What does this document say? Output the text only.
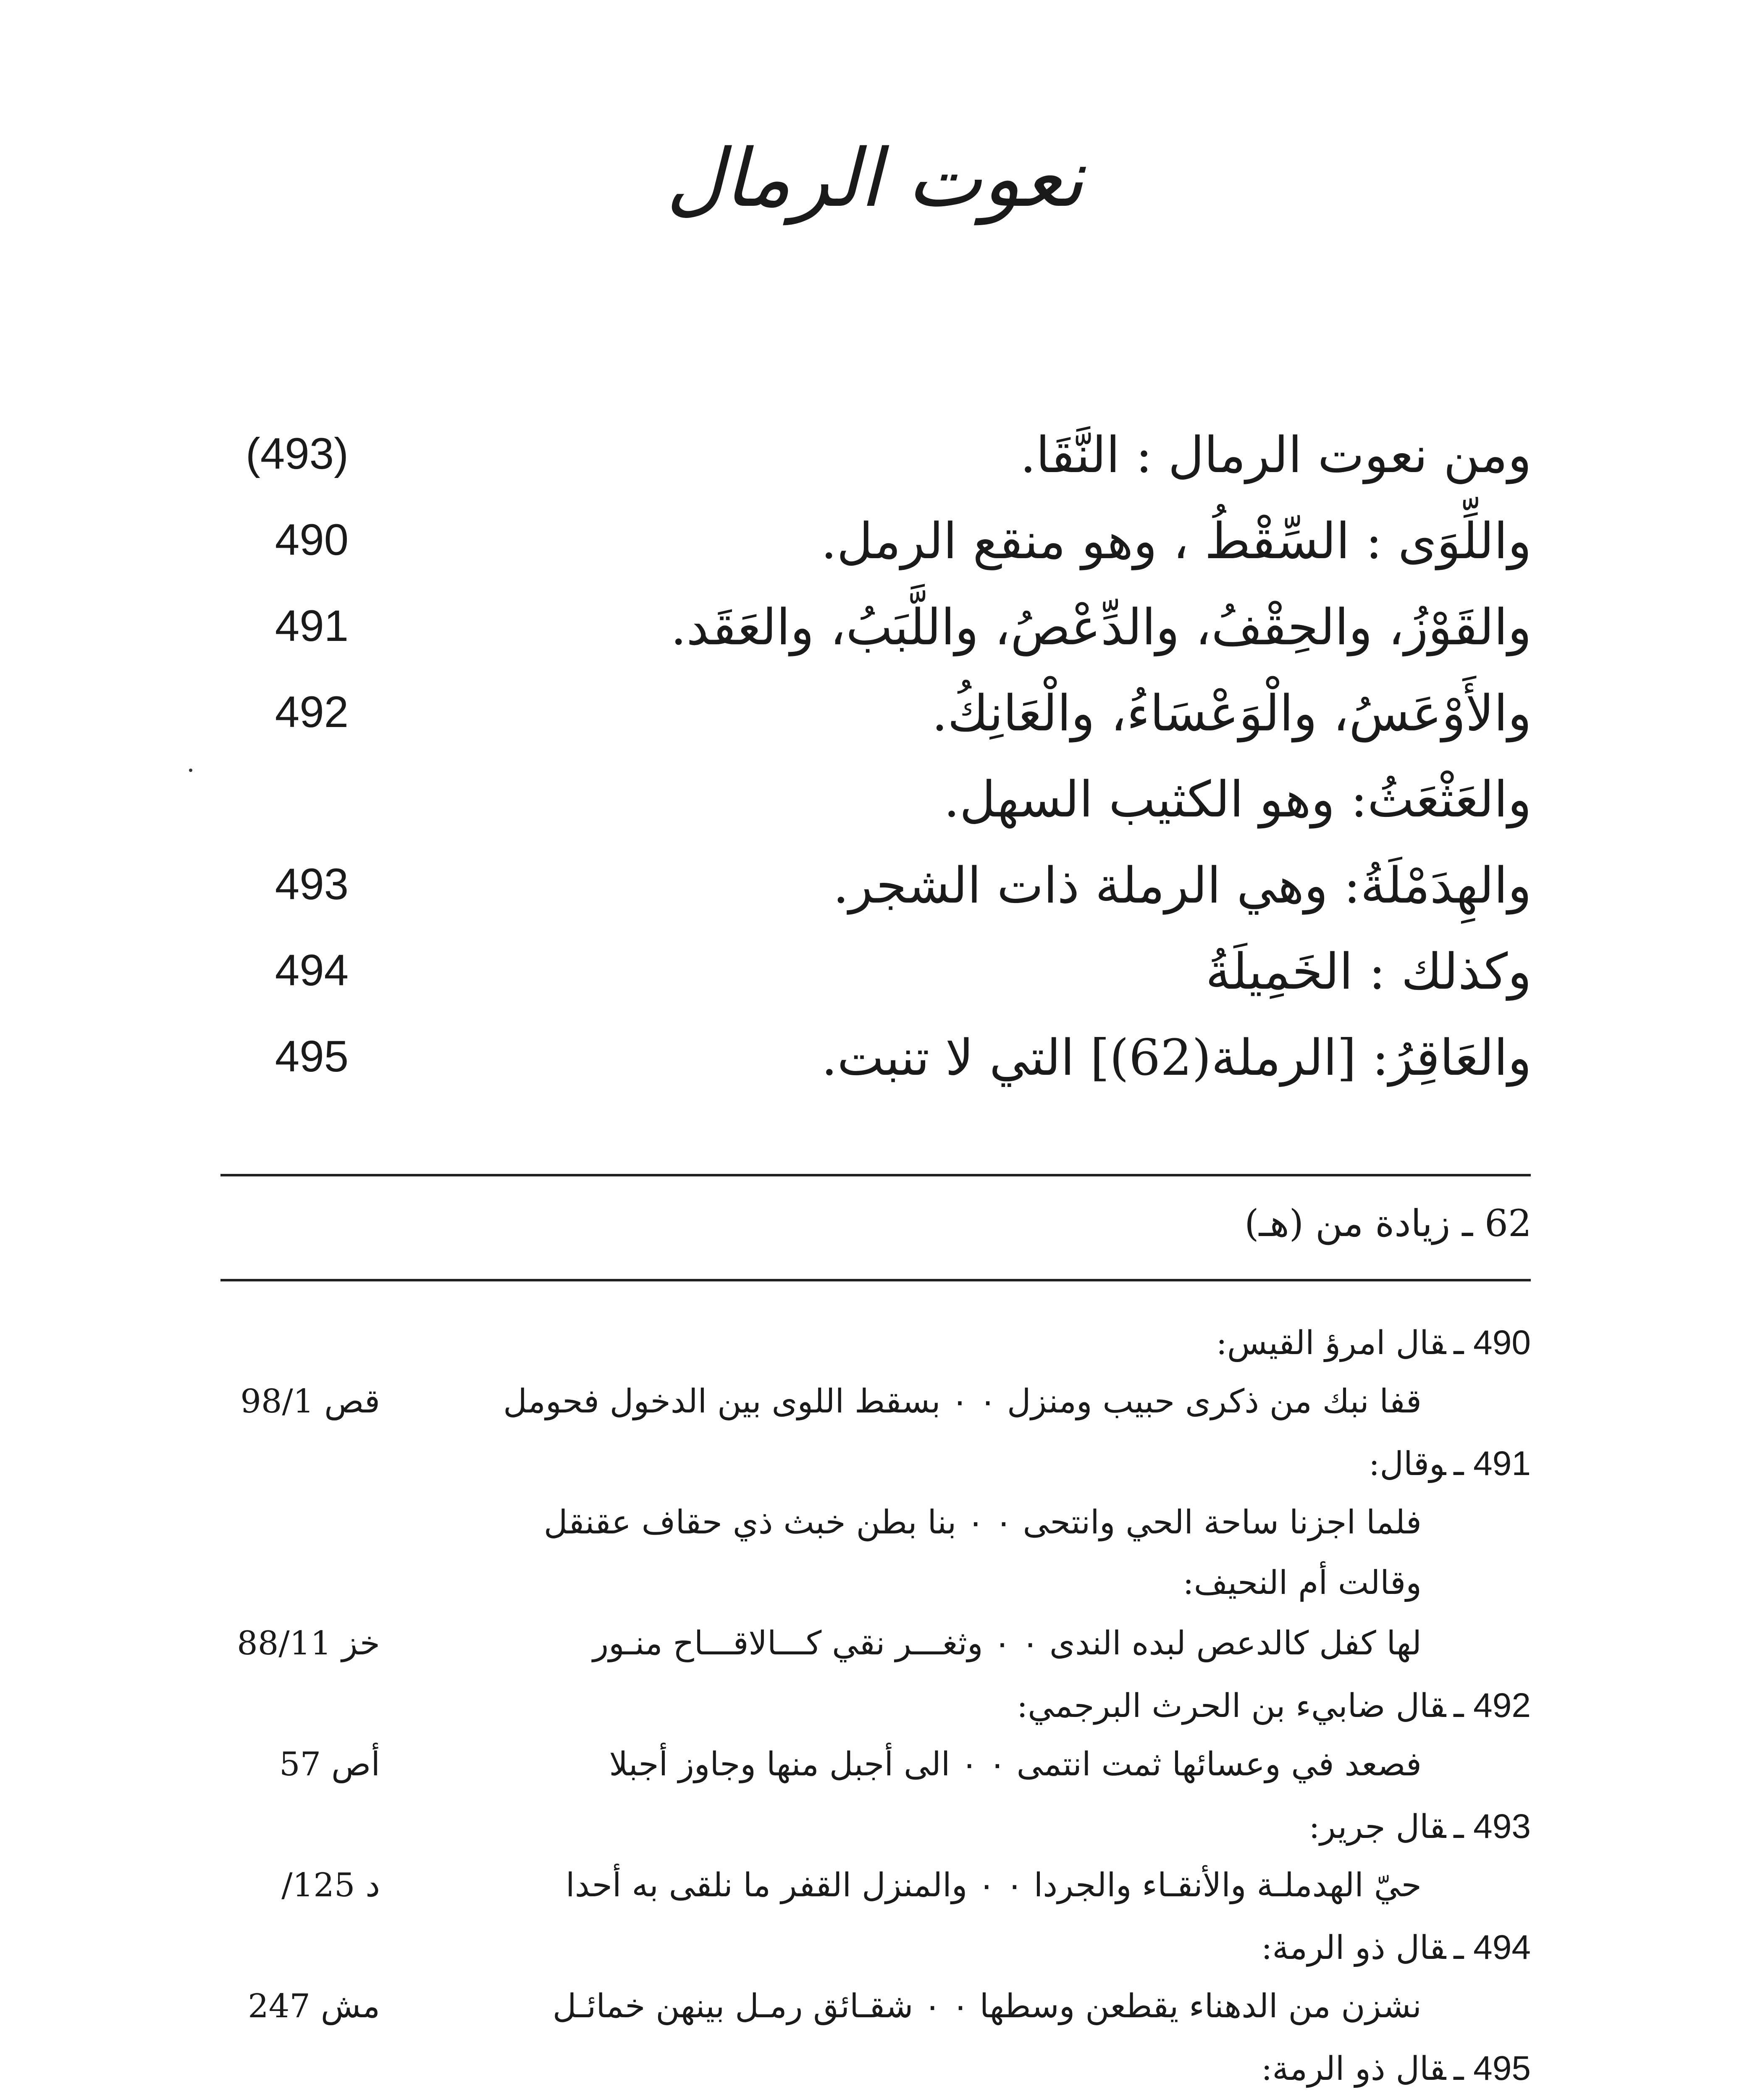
نعوت الرمال
ومن نعوت الرمال : النَّقَا.
(493)
واللِّوَى : السِّقْطُ ، وهو منقع الرمل.
490
والقَوْزُ، والحِقْفُ، والدِّعْصُ، واللَّبَبُ، والعَقَد.
491
والأَوْعَسُ، والْوَعْسَاءُ، والْعَانِكُ.
492
والعَثْعَثُ: وهو الكثيب السهل.
والهِدَمْلَةُ: وهي الرملة ذات الشجر.
493
وكذلك : الخَمِيلَةُ
494
والعَاقِرُ: [الرملة(62)] التي لا تنبت.
495
62 ـ زيادة من (هـ)
490 ـقال امرؤ القيس:
قفا نبك من ذكرى حبيب ومنزل ۰ ۰ بسقط اللوى بين الدخول فحومل
قص 98/1
491 ـوقال:
فلما اجزنا ساحة الحي وانتحى ۰ ۰ بنا بطن خبث ذي حقاف عقنقل
وقالت أم النحيف:
لها كفل كالدعص لبده الندى ۰ ۰ وثغـــر نقي كـــالاقـــاح منـور
خز 88/11
492 ـقال ضابيء بن الحرث البرجمي:
فصعد في وعسائها ثمت انتمى ۰ ۰ الى أجبل منها وجاوز أجبلا
أص 57
493 ـقال جرير:
حيّ الهدملـة والأنقـاء والجردا ۰ ۰ والمنزل القفر ما نلقى به أحدا
د 125/
494 ـقال ذو الرمة:
نشزن من الدهناء يقطعن وسطها ۰ ۰ شقـائق رمـل بينهن خمائـل
مش 247
495 ـقال ذو الرمة:
